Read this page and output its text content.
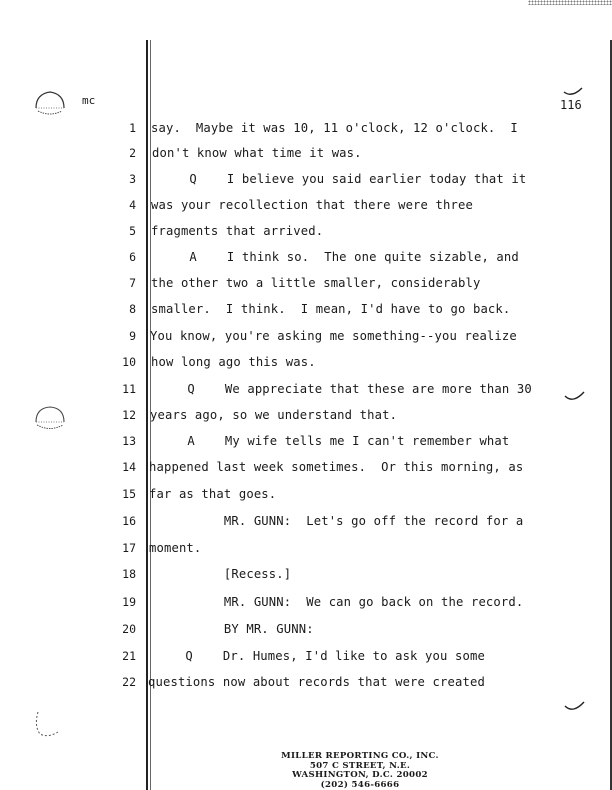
mc	116
1
2
3
4
5
6
7
8
9
10
11
12
13
14
15
16
17
18
19
20
21
22
say.  Maybe it was 10, 11 o'clock, 12 o'clock.  I
don't know what time it was.
Q    I believe you said earlier today that it
was your recollection that there were three
fragments that arrived.
A    I think so.  The one quite sizable, and
the other two a little smaller, considerably
smaller.  I think.  I mean, I'd have to go back.
You know, you're asking me something--you realize
how long ago this was.
Q    We appreciate that these are more than 30
years ago, so we understand that.
A    My wife tells me I can't remember what
happened last week sometimes.  Or this morning, as
far as that goes.
MR. GUNN:  Let's go off the record for a
moment.
[Recess.]
MR. GUNN:  We can go back on the record.
BY MR. GUNN:
Q    Dr. Humes, I'd like to ask you some
questions now about records that were created
MILLER REPORTING CO., INC.
507 C STREET, N.E.
WASHINGTON, D.C. 20002
(202) 546-6666
